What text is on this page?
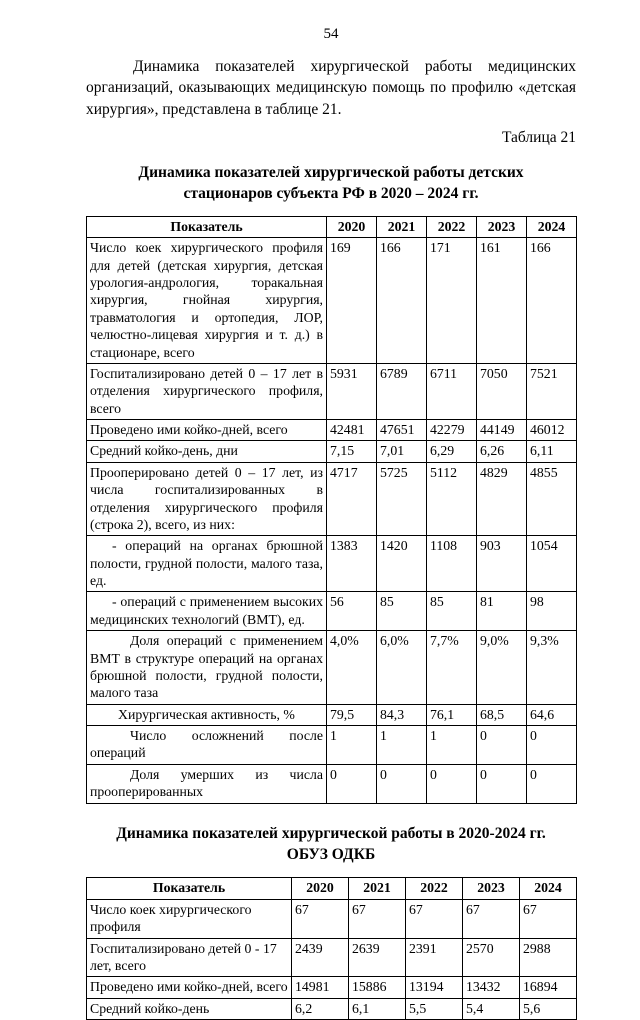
54
Динамика показателей хирургической работы медицинских организаций, оказывающих медицинскую помощь по профилю «детская хирургия», представлена в таблице 21.
Таблица 21
Динамика показателей хирургической работы детских стационаров субъекта РФ в 2020 – 2024 гг.
Показатель	2020	2021	2022	2023	2024
Число коек хирургического профиля для детей (детская хирургия, детская урология-андрология, торакальная хирургия, гнойная хирургия, травматология и ортопедия, ЛОР, челюстно-лицевая хирургия и т. д.) в стационаре, всего	169	166	171	161	166
Госпитализировано детей 0 – 17 лет в отделения хирургического профиля, всего	5931	6789	6711	7050	7521
Проведено ими койко-дней, всего	42481	47651	42279	44149	46012
Средний койко-день, дни	7,15	7,01	6,29	6,26	6,11
Прооперировано детей 0 – 17 лет, из числа госпитализированных в отделения хирургического профиля (строка 2), всего, из них:	4717	5725	5112	4829	4855
- операций на органах брюшной полости, грудной полости, малого таза, ед.	1383	1420	1108	903	1054
- операций с применением высоких медицинских технологий (ВМТ), ед.	56	85	85	81	98
Доля операций с применением ВМТ в структуре операций на органах брюшной полости, грудной полости, малого таза	4,0%	6,0%	7,7%	9,0%	9,3%
Хирургическая активность, %	79,5	84,3	76,1	68,5	64,6
Число осложнений после операций	1	1	1	0	0
Доля умерших из числа прооперированных	0	0	0	0	0
Динамика показателей хирургической работы в 2020-2024 гг.
ОБУЗ ОДКБ
Показатель	2020	2021	2022	2023	2024
Число коек хирургического профиля	67	67	67	67	67
Госпитализировано детей 0 - 17 лет, всего	2439	2639	2391	2570	2988
Проведено ими койко-дней, всего	14981	15886	13194	13432	16894
Средний койко-день	6,2	6,1	5,5	5,4	5,6
